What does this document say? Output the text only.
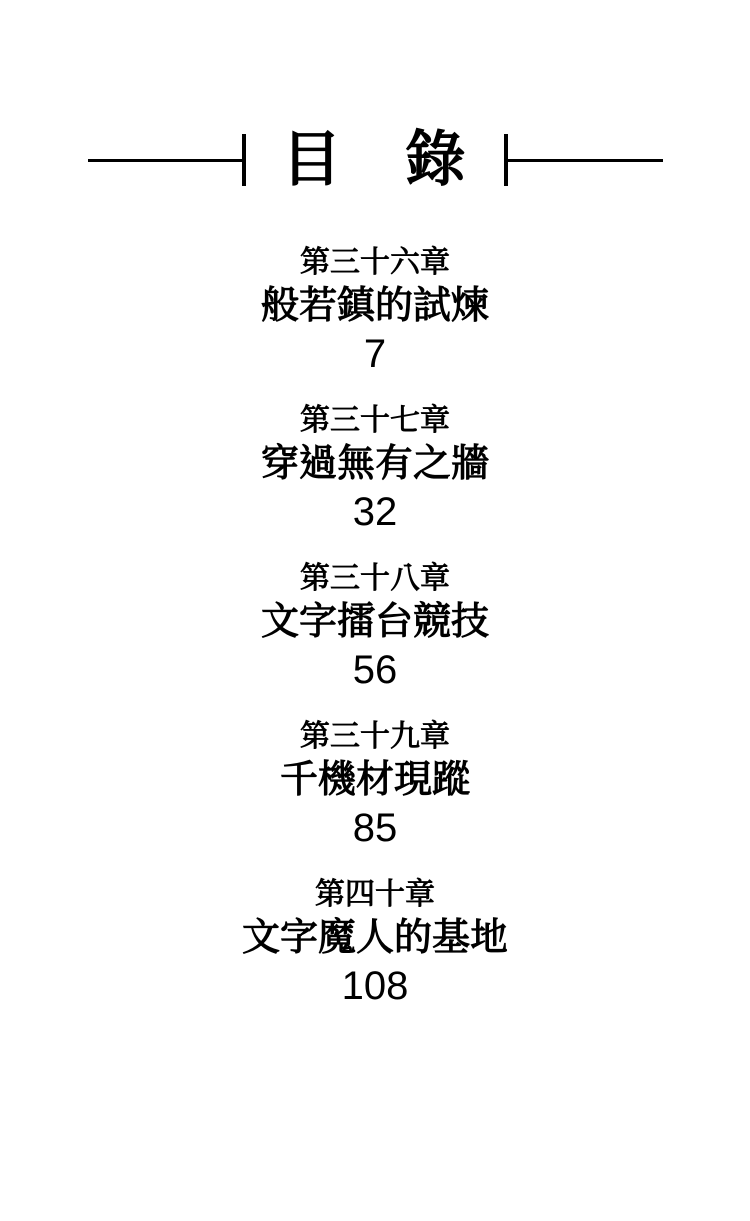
目　錄
第三十六章
般若鎮的試煉
7
第三十七章
穿過無有之牆
32
第三十八章
文字擂台競技
56
第三十九章
千機材現蹤
85
第四十章
文字魔人的基地
108
